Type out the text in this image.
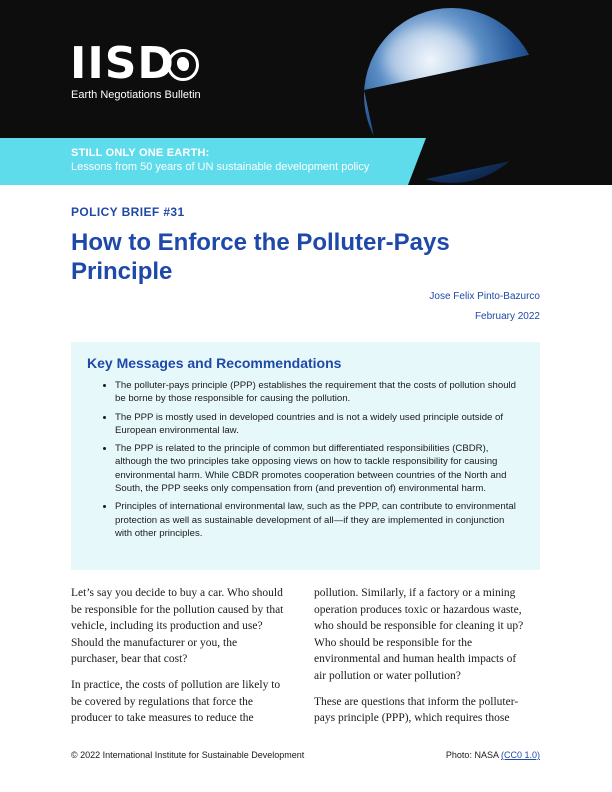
IISD
Earth Negotiations Bulletin
STILL ONLY ONE EARTH:
Lessons from 50 years of UN sustainable development policy
POLICY BRIEF #31
How to Enforce the Polluter-Pays Principle
Jose Felix Pinto-Bazurco
February 2022
Key Messages and Recommendations
• The polluter-pays principle (PPP) establishes the requirement that the costs of pollution should be borne by those responsible for causing the pollution.
• The PPP is mostly used in developed countries and is not a widely used principle outside of European environmental law.
• The PPP is related to the principle of common but differentiated responsibilities (CBDR), although the two principles take opposing views on how to tackle responsibility for causing environmental harm. While CBDR promotes cooperation between countries of the North and South, the PPP seeks only compensation from (and prevention of) environmental harm.
• Principles of international environmental law, such as the PPP, can contribute to environmental protection as well as sustainable development of all—if they are implemented in conjunction with other principles.

Let’s say you decide to buy a car. Who should be responsible for the pollution caused by that vehicle, including its production and use? Should the manufacturer or you, the purchaser, bear that cost?

In practice, the costs of pollution are likely to be covered by regulations that force the producer to take measures to reduce the

pollution. Similarly, if a factory or a mining operation produces toxic or hazardous waste, who should be responsible for cleaning it up? Who should be responsible for the environmental and human health impacts of air pollution or water pollution?

These are questions that inform the polluter-pays principle (PPP), which requires those

© 2022 International Institute for Sustainable Development	Photo: NASA (CC0 1.0)
